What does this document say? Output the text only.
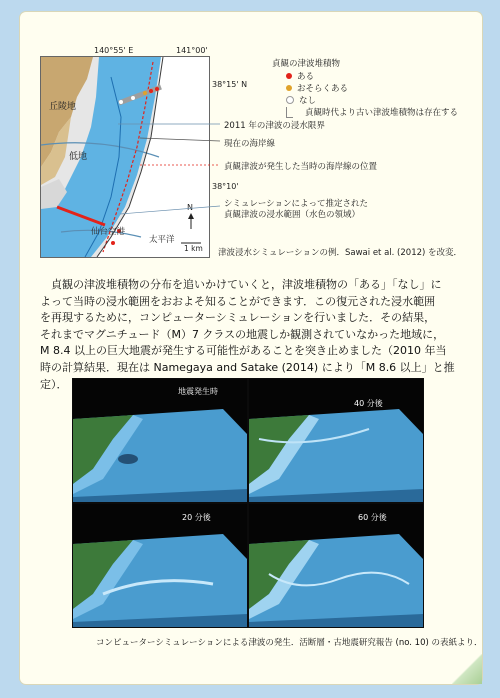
140°55' E	141°00'
38°15' N
38°10'
丘陵地
低地
仙台空港
太平洋
N
1 km
貞観の津波堆積物
ある
おそらくある
なし
貞観時代より古い津波堆積物は存在する
2011 年の津波の浸水限界
現在の海岸線
貞観津波が発生した当時の海岸線の位置
シミュレーションによって推定された
貞観津波の浸水範囲（水色の領域）
津波浸水シミュレーションの例．Sawai et al. (2012) を改変．

　貞観の津波堆積物の分布を追いかけていくと，津波堆積物の「ある」「なし」に

よって当時の浸水範囲をおおよそ知ることができます．この復元された浸水範囲

を再現するために，コンピューターシミュレーションを行いました．その結果，

それまでマグニチュード（M）7 クラスの地震しか観測されていなかった地域に，

M 8.4 以上の巨大地震が発生する可能性があることを突き止めました（2010 年当

時の計算結果．現在は Namegaya and Satake (2014) により「M 8.6 以上」と推定）．

地震発生時
40 分後
20 分後	60 分後
コンピューターシミュレーションによる津波の発生．活断層・古地震研究報告 (no. 10) の表紙より．
